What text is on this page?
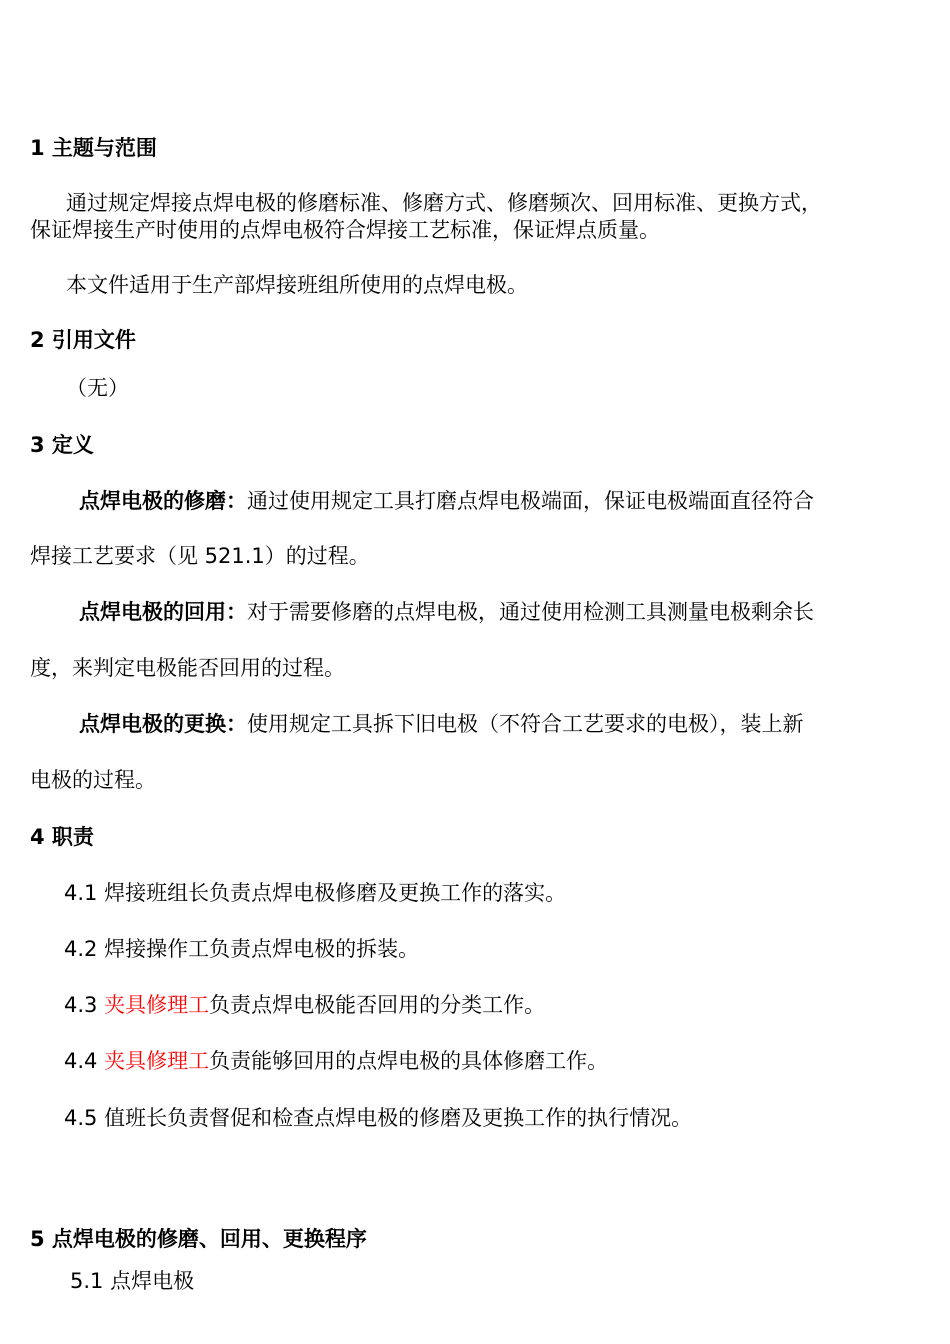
1 主题与范围
通过规定焊接点焊电极的修磨标准、修磨方式、修磨频次、回用标准、更换方式，
保证焊接生产时使用的点焊电极符合焊接工艺标准，保证焊点质量。
本文件适用于生产部焊接班组所使用的点焊电极。
2 引用文件
（无）
3 定义
点焊电极的修磨：通过使用规定工具打磨点焊电极端面，保证电极端面直径符合
焊接工艺要求（见 521.1）的过程。
点焊电极的回用：对于需要修磨的点焊电极，通过使用检测工具测量电极剩余长
度，来判定电极能否回用的过程。
点焊电极的更换：使用规定工具拆下旧电极（不符合工艺要求的电极），装上新
电极的过程。
4 职责
4.1 焊接班组长负责点焊电极修磨及更换工作的落实。
4.2 焊接操作工负责点焊电极的拆装。
4.3 夹具修理工负责点焊电极能否回用的分类工作。
4.4 夹具修理工负责能够回用的点焊电极的具体修磨工作。
4.5 值班长负责督促和检查点焊电极的修磨及更换工作的执行情况。
5 点焊电极的修磨、回用、更换程序
5.1 点焊电极
